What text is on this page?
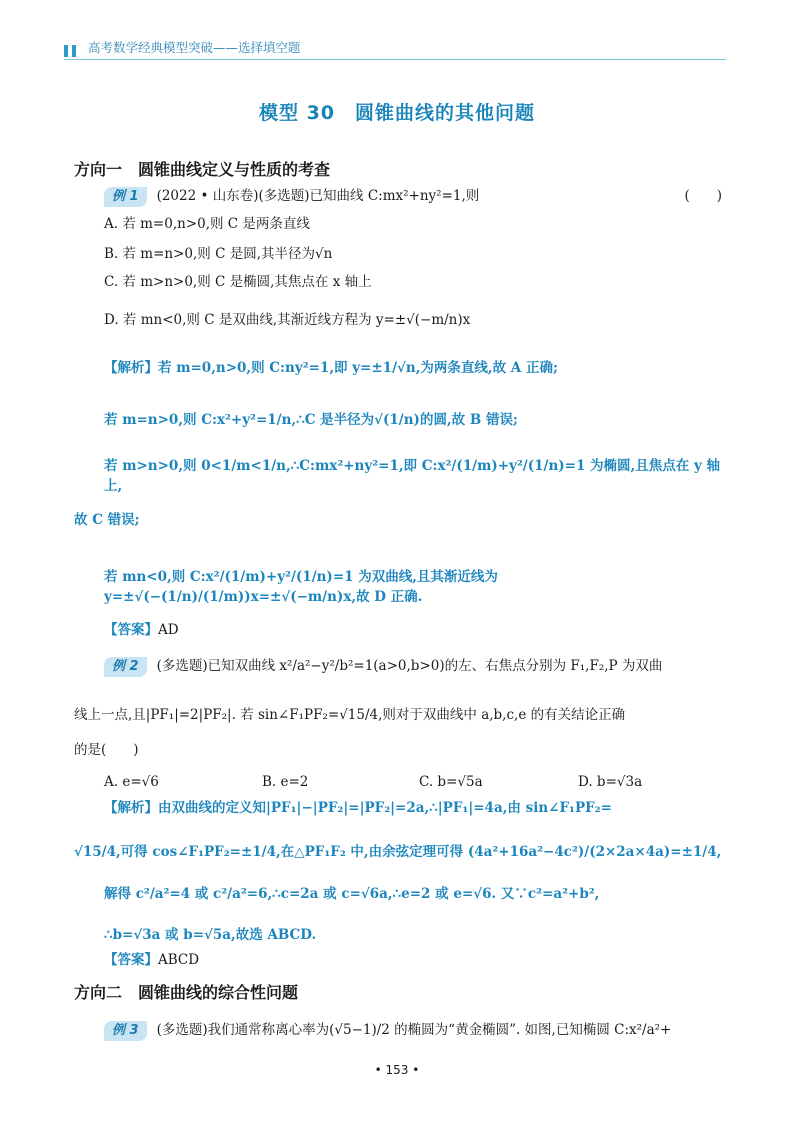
高考数学经典模型突破——选择填空题
模型 30　圆锥曲线的其他问题
方向一　圆锥曲线定义与性质的考查
例 1 (2022 • 山东卷)(多选题)已知曲线 C:mx²+ny²=1,则	(　　)
A. 若 m=0,n>0,则 C 是两条直线
B. 若 m=n>0,则 C 是圆,其半径为√n
C. 若 m>n>0,则 C 是椭圆,其焦点在 x 轴上
D. 若 mn<0,则 C 是双曲线,其渐近线方程为 y=±√(−m/n)x
【解析】若 m=0,n>0,则 C:ny²=1,即 y=±1/√n,为两条直线,故 A 正确;
若 m=n>0,则 C:x²+y²=1/n,∴C 是半径为√(1/n)的圆,故 B 错误;
若 m>n>0,则 0<1/m<1/n,∴C:mx²+ny²=1,即 C:x²/(1/m)+y²/(1/n)=1 为椭圆,且焦点在 y 轴上,
故 C 错误;
若 mn<0,则 C:x²/(1/m)+y²/(1/n)=1 为双曲线,且其渐近线为 y=±√(−(1/n)/(1/m))x=±√(−m/n)x,故 D 正确.
【答案】AD
例 2 (多选题)已知双曲线 x²/a²−y²/b²=1(a>0,b>0)的左、右焦点分别为 F₁,F₂,P 为双曲
线上一点,且|PF₁|=2|PF₂|. 若 sin∠F₁PF₂=√15/4,则对于双曲线中 a,b,c,e 的有关结论正确
的是(　　)
A. e=√6	B. e=2	C. b=√5a	D. b=√3a
【解析】由双曲线的定义知|PF₁|−|PF₂|=|PF₂|=2a,∴|PF₁|=4a,由 sin∠F₁PF₂=
√15/4,可得 cos∠F₁PF₂=±1/4,在△PF₁F₂ 中,由余弦定理可得 (4a²+16a²−4c²)/(2×2a×4a)=±1/4,
解得 c²/a²=4 或 c²/a²=6,∴c=2a 或 c=√6a,∴e=2 或 e=√6. 又∵c²=a²+b²,
∴b=√3a 或 b=√5a,故选 ABCD.
【答案】ABCD
方向二　圆锥曲线的综合性问题
例 3 (多选题)我们通常称离心率为(√5−1)/2 的椭圆为“黄金椭圆”. 如图,已知椭圆 C:x²/a²+
• 153 •
